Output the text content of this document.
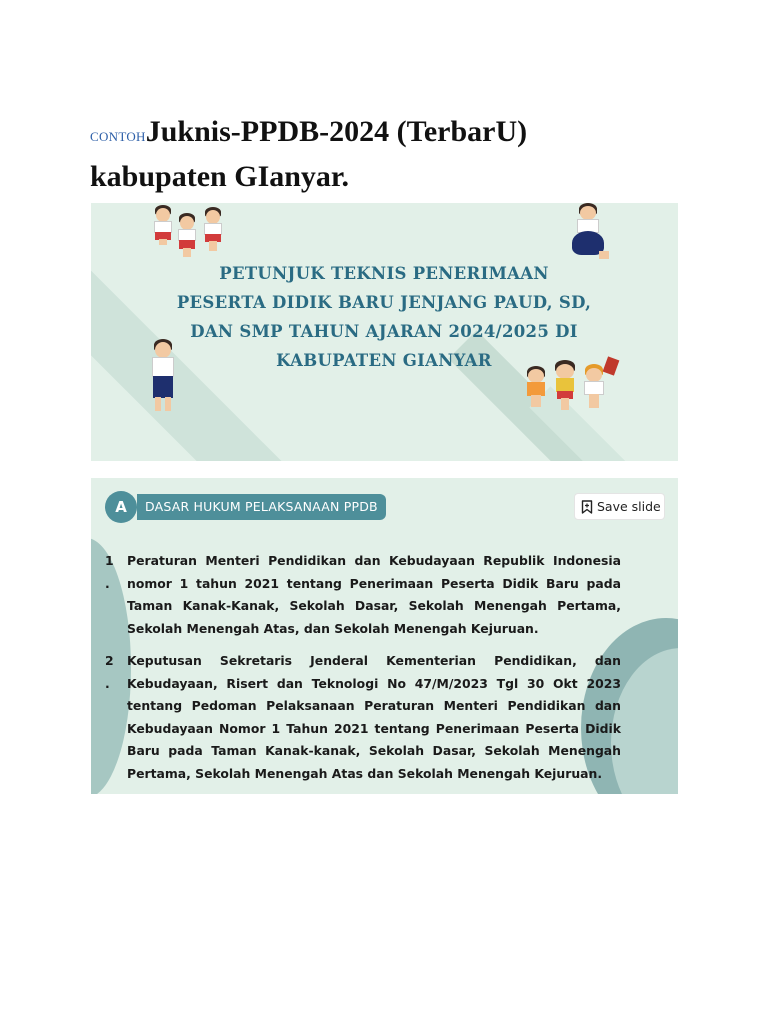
CONTOHJuknis-PPDB-2024 (TerbarU)
kabupaten GIanyar.
PETUNJUK TEKNIS PENERIMAAN
PESERTA DIDIK BARU JENJANG PAUD, SD,
DAN SMP TAHUN AJARAN 2024/2025 DI
KABUPATEN GIANYAR
DASAR HUKUM PELAKSANAAN PPDB
A	Save slide
1
.
Peraturan Menteri Pendidikan dan Kebudayaan Republik Indonesia nomor 1 tahun 2021 tentang Penerimaan Peserta Didik Baru pada Taman Kanak-Kanak, Sekolah Dasar, Sekolah Menengah Pertama, Sekolah Menengah Atas, dan Sekolah Menengah Kejuruan.
2
.
Keputusan Sekretaris Jenderal Kementerian Pendidikan, dan Kebudayaan, Risert dan Teknologi No 47/M/2023 Tgl 30 Okt 2023 tentang Pedoman Pelaksanaan Peraturan Menteri Pendidikan dan Kebudayaan Nomor 1 Tahun 2021 tentang Penerimaan Peserta Didik Baru pada Taman Kanak-kanak, Sekolah Dasar, Sekolah Menengah Pertama, Sekolah Menengah Atas dan Sekolah Menengah Kejuruan.
